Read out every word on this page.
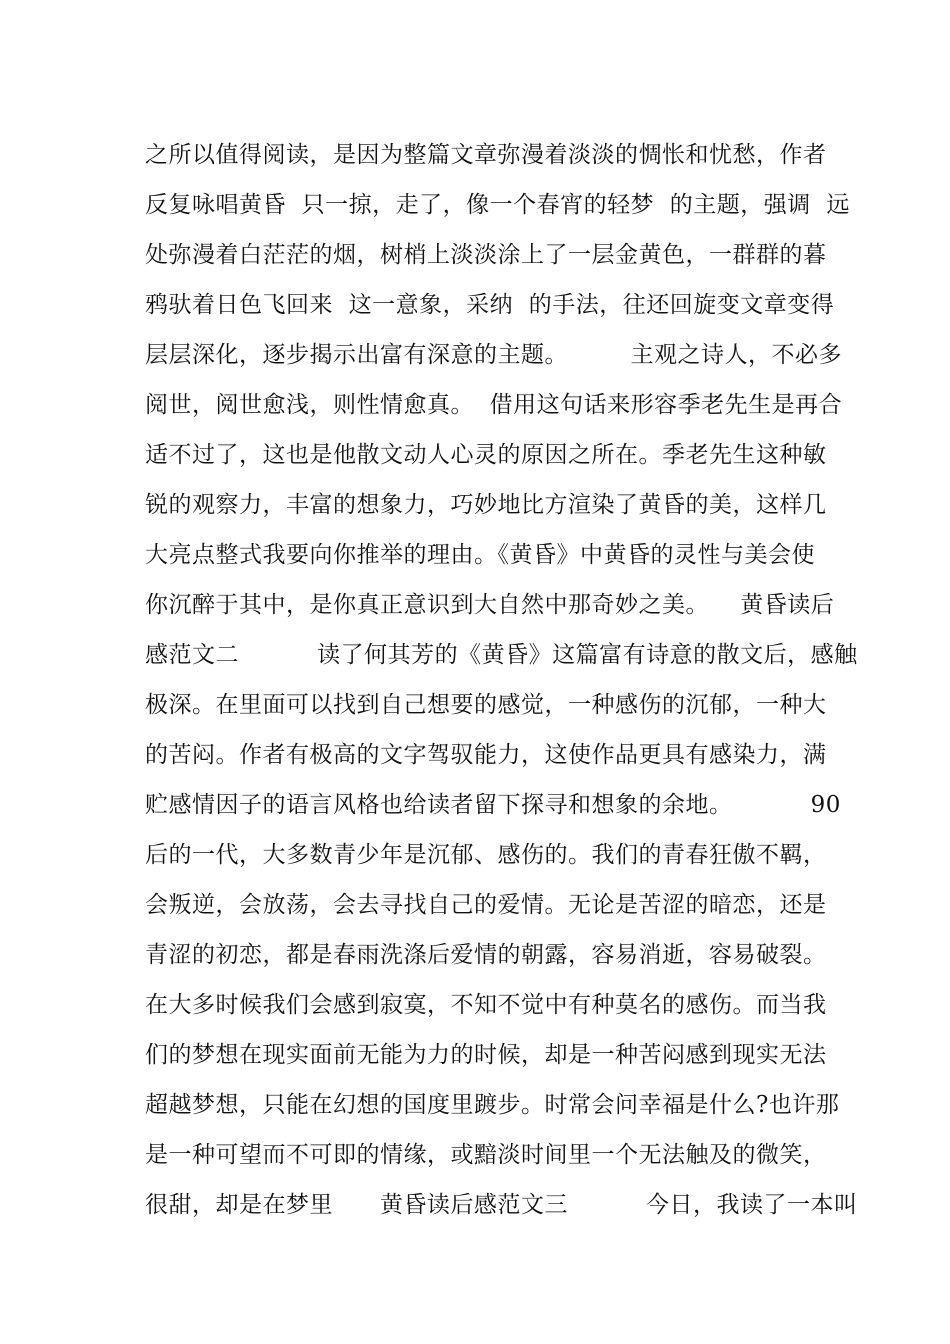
之所以值得阅读，是因为整篇文章弥漫着淡淡的惆怅和忧愁，作者
反复咏唱黄昏  只一掠，走了，像一个春宵的轻梦  的主题，强调  远
处弥漫着白茫茫的烟，树梢上淡淡涂上了一层金黄色，一群群的暮
鸦驮着日色飞回来  这一意象，采纳  的手法，往还回旋变文章变得
层层深化，逐步揭示出富有深意的主题。        主观之诗人，不必多
阅世，阅世愈浅，则性情愈真。  借用这句话来形容季老先生是再合
适不过了，这也是他散文动人心灵的原因之所在。季老先生这种敏
锐的观察力，丰富的想象力，巧妙地比方渲染了黄昏的美，这样几
大亮点整式我要向你推举的理由。《黄昏》中黄昏的灵性与美会使
你沉醉于其中，是你真正意识到大自然中那奇妙之美。    黄昏读后
感范文二          读了何其芳的《黄昏》这篇富有诗意的散文后，感触
极深。在里面可以找到自己想要的感觉，一种感伤的沉郁，一种大
的苦闷。作者有极高的文字驾驭能力，这使作品更具有感染力，满
贮感情因子的语言风格也给读者留下探寻和想象的余地。          90
后的一代，大多数青少年是沉郁、感伤的。我们的青春狂傲不羁，
会叛逆，会放荡，会去寻找自己的爱情。无论是苦涩的暗恋，还是
青涩的初恋，都是春雨洗涤后爱情的朝露，容易消逝，容易破裂。
在大多时候我们会感到寂寞，不知不觉中有种莫名的感伤。而当我
们的梦想在现实面前无能为力的时候，却是一种苦闷感到现实无法
超越梦想，只能在幻想的国度里踱步。时常会问幸福是什么?也许那
是一种可望而不可即的情缘，或黯淡时间里一个无法触及的微笑，
很甜，却是在梦里      黄昏读后感范文三          今日，我读了一本叫
